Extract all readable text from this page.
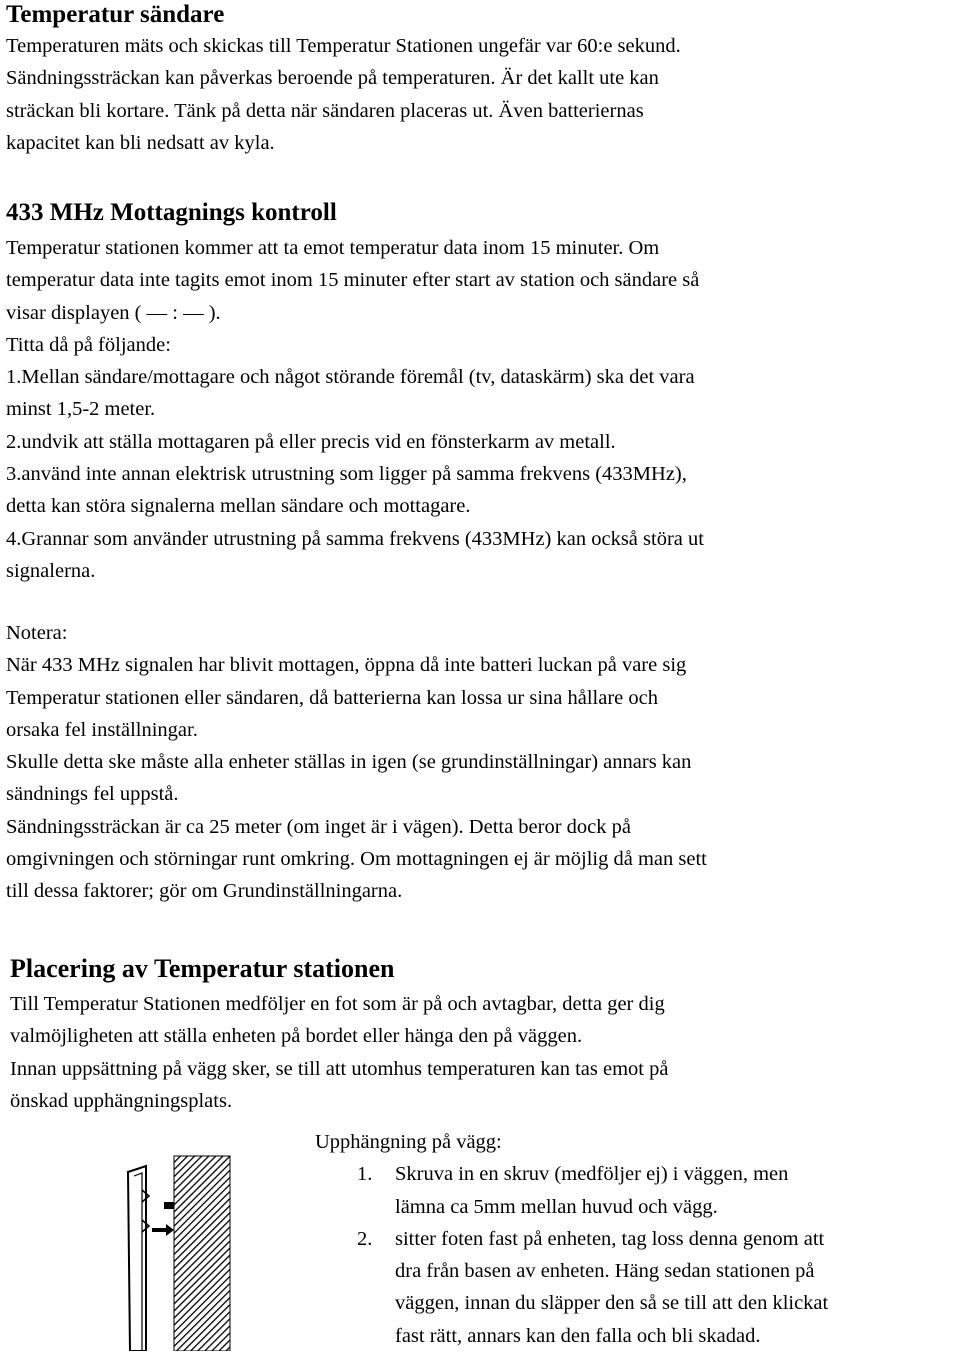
Temperatur sändare

Temperaturen mäts och skickas till Temperatur Stationen ungefär var 60:e sekund.

Sändningssträckan kan påverkas beroende på temperaturen. Är det kallt ute kan

sträckan bli kortare. Tänk på detta när sändaren placeras ut. Även batteriernas

kapacitet kan bli nedsatt av kyla.

433 MHz Mottagnings kontroll

Temperatur stationen kommer att ta emot temperatur data inom 15 minuter. Om

temperatur data inte tagits emot inom 15 minuter efter start av station och sändare så

visar displayen ( — : — ).

Titta då på följande:

1.Mellan sändare/mottagare och något störande föremål (tv, dataskärm) ska det vara

minst 1,5-2 meter.

2.undvik att ställa mottagaren på eller precis vid en fönsterkarm av metall.

3.använd inte annan elektrisk utrustning som ligger på samma frekvens (433MHz),

detta kan störa signalerna mellan sändare och mottagare.

4.Grannar som använder utrustning på samma frekvens (433MHz) kan också störa ut

signalerna.

Notera:

När 433 MHz signalen har blivit mottagen, öppna då inte batteri luckan på vare sig

Temperatur stationen eller sändaren, då batterierna kan lossa ur sina hållare och

orsaka fel inställningar.

Skulle detta ske måste alla enheter ställas in igen (se grundinställningar) annars kan

sändnings fel uppstå.

Sändningssträckan är ca 25 meter (om inget är i vägen). Detta beror dock på

omgivningen och störningar runt omkring. Om mottagningen ej är möjlig då man sett

till dessa faktorer; gör om Grundinställningarna.

Placering av Temperatur stationen

Till Temperatur Stationen medföljer en fot som är på och avtagbar, detta ger dig

valmöjligheten att ställa enheten på bordet eller hänga den på väggen.

Innan uppsättning på vägg sker, se till att utomhus temperaturen kan tas emot på

önskad upphängningsplats.

Upphängning på vägg:

1. Skruva in en skruv (medföljer ej) i väggen, men

lämna ca 5mm mellan huvud och vägg.

2. sitter foten fast på enheten, tag loss denna genom att

dra från basen av enheten. Häng sedan stationen på

väggen, innan du släpper den så se till att den klickat

fast rätt, annars kan den falla och bli skadad.
